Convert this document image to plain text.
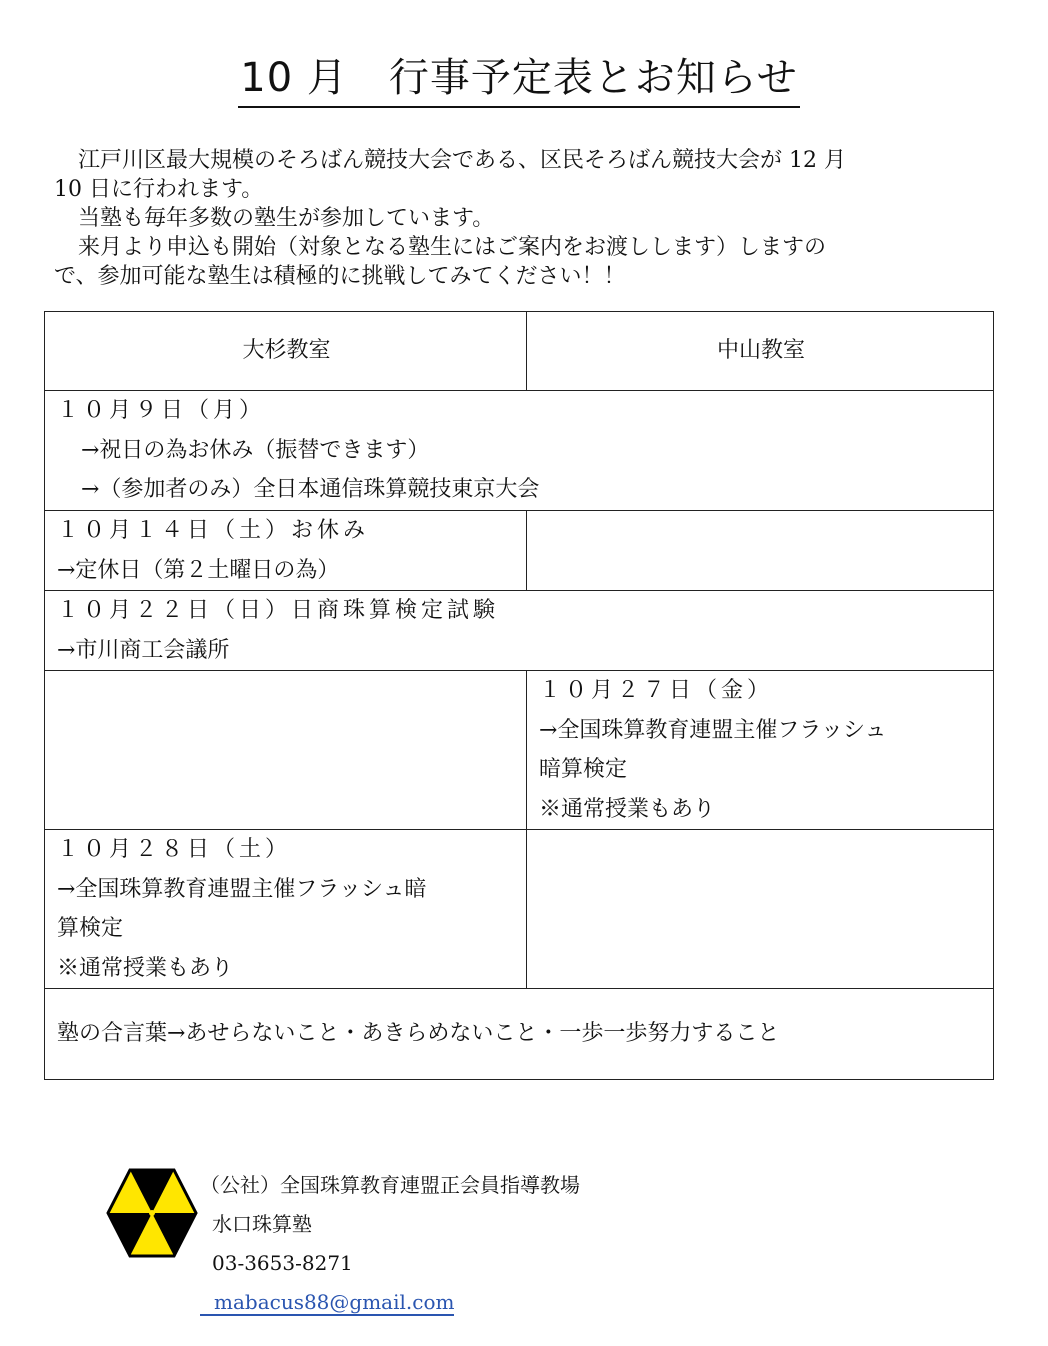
10 月　行事予定表とお知らせ

江戸川区最大規模のそろばん競技大会である、区民そろばん競技大会が 12 月

10 日に行われます。

当塾も毎年多数の塾生が参加しています。

来月より申込も開始（対象となる塾生にはご案内をお渡しします）しますの

で、参加可能な塾生は積極的に挑戦してみてください！！

大杉教室	中山教室

１０月９日（月）
→祝日の為お休み（振替できます）
→（参加者のみ）全日本通信珠算競技東京大会	

１０月１４日（土）お休み
→定休日（第２土曜日の為）	

１０月２２日（日）日商珠算検定試験
→市川商工会議所	

	１０月２７日（金）
→全国珠算教育連盟主催フラッシュ
暗算検定
※通常授業もあり

１０月２８日（土）
→全国珠算教育連盟主催フラッシュ暗
算検定
※通常授業もあり	

塾の合言葉→あせらないこと・あきらめないこと・一歩一歩努力すること	
（公社）全国珠算教育連盟正会員指導教場
水口珠算塾
03-3653-8271
mabacus88@gmail.com
